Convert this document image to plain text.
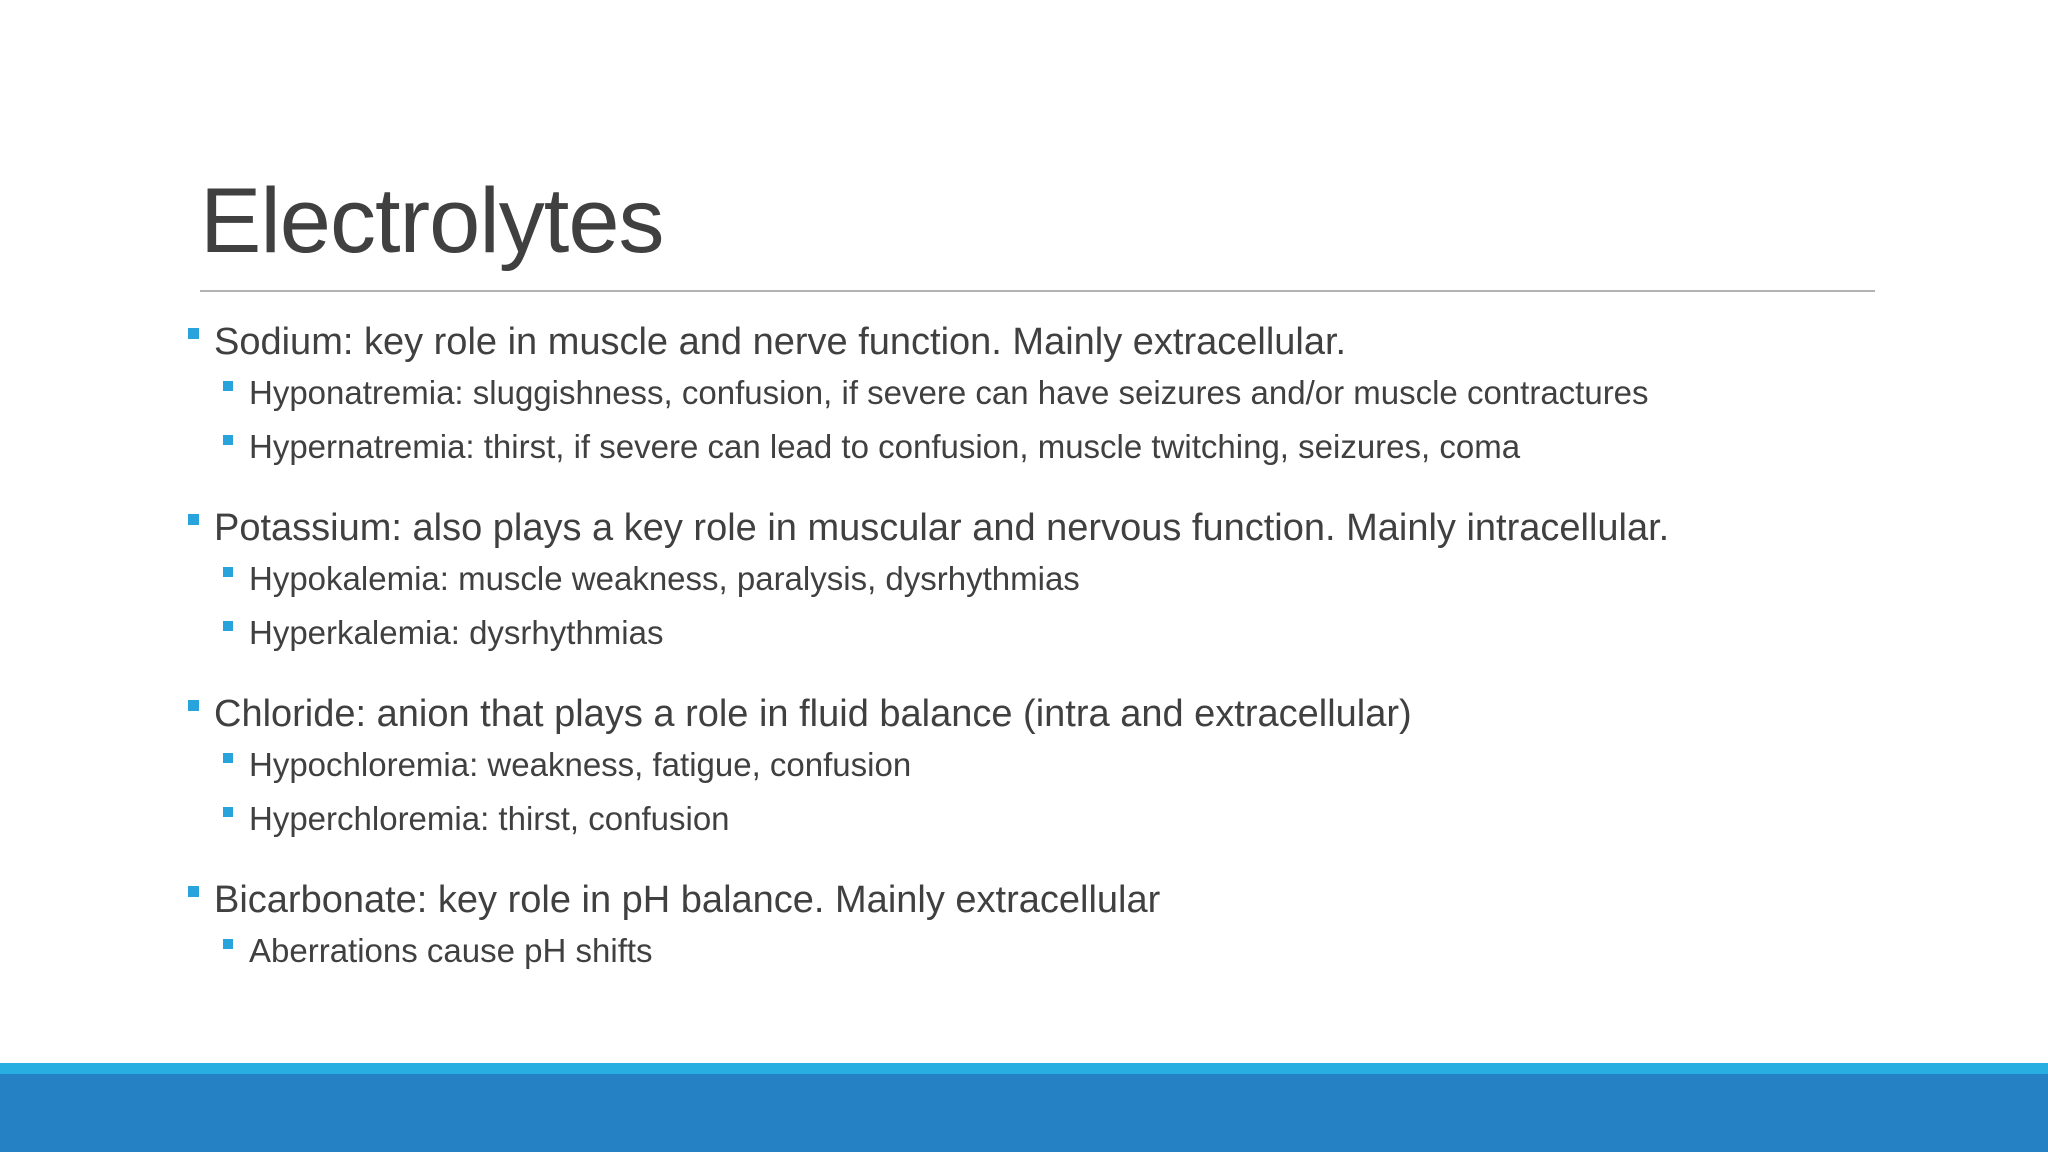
Electrolytes
Sodium: key role in muscle and nerve function. Mainly extracellular.
Hyponatremia: sluggishness, confusion, if severe can have seizures and/or muscle contractures
Hypernatremia: thirst, if severe can lead to confusion, muscle twitching, seizures, coma
Potassium: also plays a key role in muscular and nervous function. Mainly intracellular.
Hypokalemia: muscle weakness, paralysis, dysrhythmias
Hyperkalemia: dysrhythmias
Chloride: anion that plays a role in fluid balance (intra and extracellular)
Hypochloremia: weakness, fatigue, confusion
Hyperchloremia: thirst, confusion
Bicarbonate: key role in pH balance. Mainly extracellular
Aberrations cause pH shifts
